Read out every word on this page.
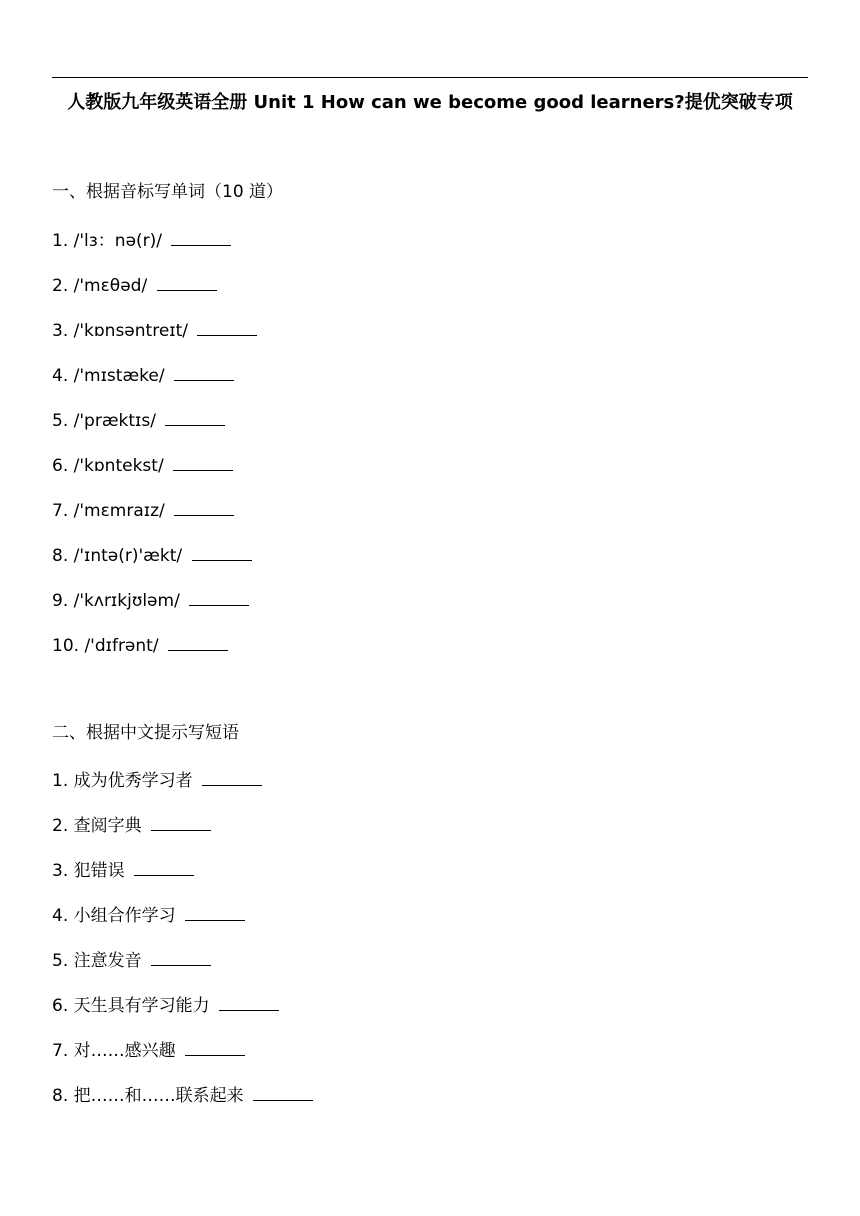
人教版九年级英语全册 Unit 1 How can we become good learners?提优突破专项
一、根据音标写单词（10 道）
1. /'lɜ：nə(r)/
2. /'mεθəd/
3. /'kɒnsəntreɪt/
4. /'mɪstæke/
5. /'præktɪs/
6. /'kɒntekst/
7. /'mɛmraɪz/
8. /'ɪntə(r)'ækt/
9. /'kʌrɪkjʊləm/
10. /'dɪfrənt/
二、根据中文提示写短语
1. 成为优秀学习者
2. 查阅字典
3. 犯错误
4. 小组合作学习
5. 注意发音
6. 天生具有学习能力
7. 对……感兴趣
8. 把……和……联系起来
